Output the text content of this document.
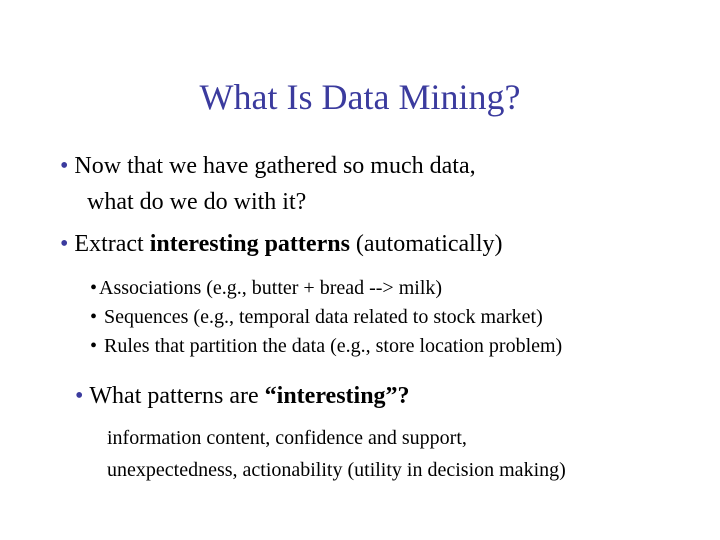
What Is Data Mining?
• Now that we have gathered so much data,
what do we do with it?
• Extract interesting patterns (automatically)
• Associations (e.g., butter + bread --> milk)
• Sequences (e.g., temporal data related to stock market)
• Rules that partition the data (e.g., store location problem)
• What patterns are “interesting”?
information content, confidence and support,
unexpectedness, actionability (utility in decision making)
